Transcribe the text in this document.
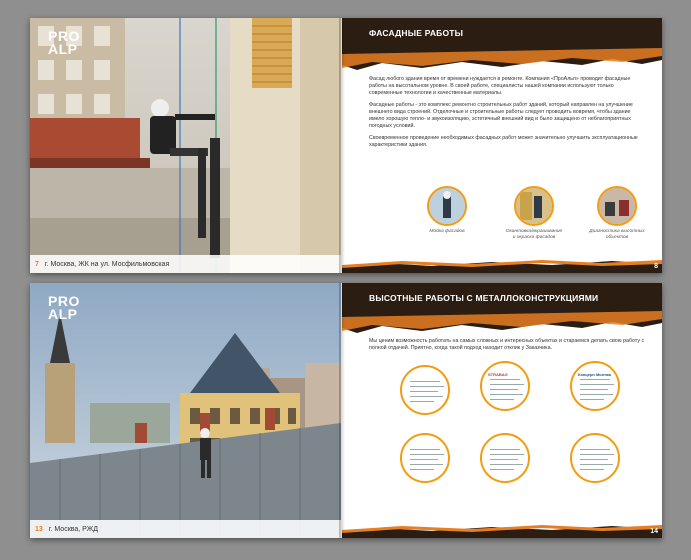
PRO
ALP
7 г. Москва, ЖК на ул. Мосфильмовская
ФАСАДНЫЕ РАБОТЫ

Фасад любого здания время от времени нуждается в ремонте. Компания «ПроАльп» проводит фасадные работы на высотальном уровне. В своей работе, специалисты нашей компании используют только современные технологии и качественные материалы.

Фасадные работы - это комплекс ремонтно строительных работ зданий, который направлен на улучшение внешнего вида строений. Отделочные и строительные работы следует проводить вовремя, чтобы здание имело хорошую тепло- и звукоизоляцию, эстетичный внешний вид и было защищено от неблагоприятных погодных условий.

Своевременное проведение необходимых фасадных работ может значительно улучшить эксплуатационные характеристики здания.

Мойка фасадов	Окантовка/вкрашивание и окраска фасадов
Диагностика высотных объектов
8
PRO
ALP
13 г. Москва, РЖД
ВЫСОТНЫЕ РАБОТЫ С МЕТАЛЛОКОНСТРУКЦИЯМИ

Мы ценим возможность работать на самых сложных и интересных объектах и стараемся делать свою работу с полной отдачей. Приятно, когда такой подход находит отклик у Заказчика.

STRABAG	Концерн Монтаж
14
